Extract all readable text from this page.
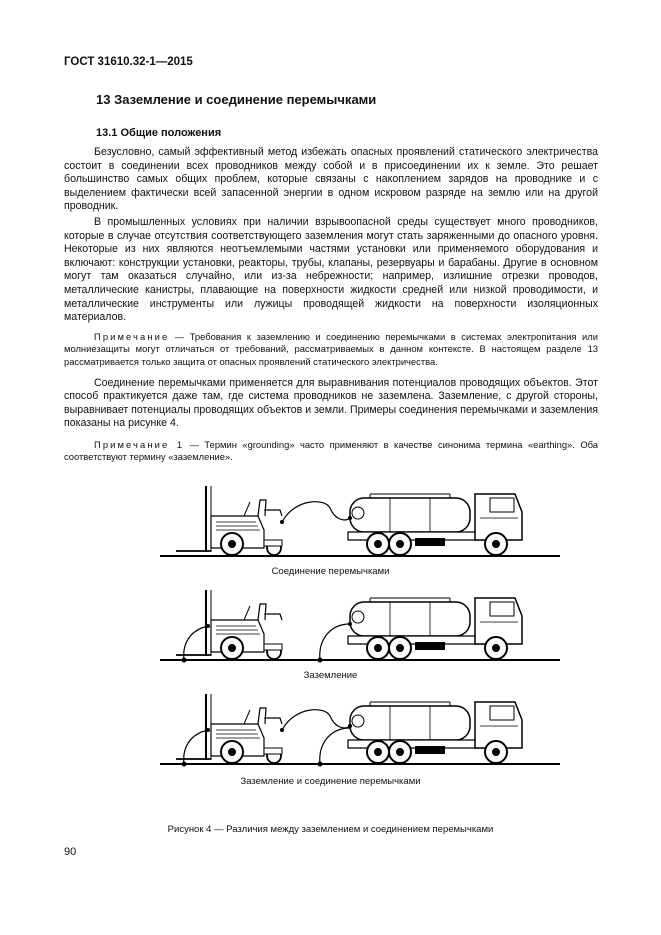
ГОСТ 31610.32-1—2015
13 Заземление и соединение перемычками
13.1 Общие положения

Безусловно, самый эффективный метод избежать опасных проявлений статического электричества состоит в соединении всех проводников между собой и в присоединении их к земле. Это решает большинство самых общих проблем, которые связаны с накоплением зарядов на проводнике и с выделением фактически всей запасенной энергии в одном искровом разряде на землю или на другой проводник.

В промышленных условиях при наличии взрывоопасной среды существует много проводников, которые в случае отсутствия соответствующего заземления могут стать заряженными до опасного уровня. Некоторые из них являются неотъемлемыми частями установки или применяемого оборудования и включают: конструкции установки, реакторы, трубы, клапаны, резервуары и барабаны. Другие в основном могут там оказаться случайно, или из-за небрежности; например, излишние отрезки проводов, металлические канистры, плавающие на поверхности жидкости средней или низкой проводимости, и металлические инструменты или лужицы проводящей жидкости на поверхности изоляционных материалов.

Примечание — Требования к заземлению и соединению перемычками в системах электропитания или молниезащиты могут отличаться от требований, рассматриваемых в данном контексте. В настоящем разделе 13 рассматривается только защита от опасных проявлений статического электричества.

Соединение перемычками применяется для выравнивания потенциалов проводящих объектов. Этот способ практикуется даже там, где система проводников не заземлена. Заземление, с другой стороны, выравнивает потенциалы проводящих объектов и земли. Примеры соединения перемычками и заземления показаны на рисунке 4.

Примечание 1 — Термин «grounding» часто применяют в качестве синонима термина «earthing». Оба соответствуют термину «заземление».

Соединение перемычками
Заземление
Заземление и соединение перемычками
Рисунок 4 — Различия между заземлением и соединением перемычками
90
